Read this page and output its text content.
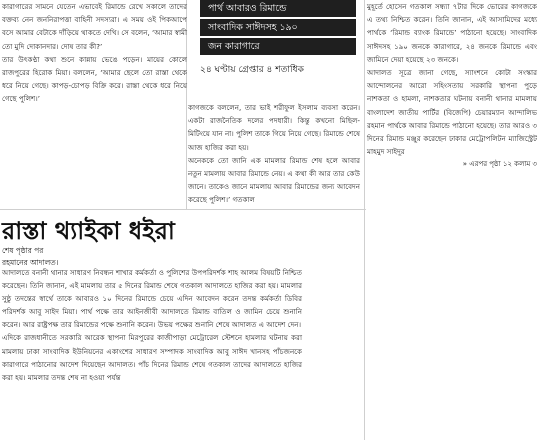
কারাগারের সামনে যেতেন এভাবেই রিমান্ডে রেখে সকালে তাদের বক্তব্য নেন জননিরাপত্তা বাহিনী সদস্যরা। এ সময় ওই পিকআপে বসে আমার বেটাকে দাঁড়িয়ে থাকতে দেখি। সে বলেন, ‘আমার স্বামী তো মুদি দোকানদার। দোষ তার কী?’

তার উৎকণ্ঠা কথা শুনে কান্নায় ভেঙে পড়েন। মায়ের কোলে রাজপুরের হিরোক মিয়া। বললেন, ‘আমার ছেলে তো রাস্তা থেকে ধরে নিয়ে গেছে। কাপড়-চোপড় বিক্রি করে। রাস্তা থেকে ধরে নিয়ে গেছে পুলিশ।’

পার্থ আবারও রিমান্ডে
সাংবাদিক সাঈদসহ ১৯০
জন কারাগারে

২৪ ঘণ্টায় গ্রেপ্তার ৪ শতাধিক

কাগজকে বললেন, তার ভাই শরীফুল ইসলাম ব্যবসা করেন। একটা রাজনৈতিক দলের পদধারী। কিন্তু কখনো মিছিল-মিটিংয়ে যান না। পুলিশ তাকে গিয়ে নিয়ে গেছে। রিমান্ডে শেষে আজ হাজির করা হয়।

অনেককে তো জানি এক মামলার রিমান্ড শেষ হলে আবার নতুন মামলায় আবার রিমান্ডে নেয়। এ কথা কী আর তার কেউ জানে। তাকেও জানে মামলায় আবার রিমান্ডের জন্য আবেদন করেছে পুলিশ।’ গতকাল

মুহূর্তে হোসেন গতকাল সন্ধ্যা ৭টার দিকে ভোরের কাগজকে এ তথ্য নিশ্চিত করেন। তিনি জানান, এই আসামিদের মধ্যে পার্থকে ‘রিমান্ড ব্যাংক রিমান্ডে’ পাঠানো হয়েছে। সাংবাদিক সাঈদসহ ১৯০ জনকে কারাগারে, ২৪ জনকে রিমান্ডে এবং জামিনে দেয়া হয়েছে ২৩ জনকে।

আদালত সূত্রে জানা গেছে, স্যাংশনে কোটা সংস্কার আন্দোলনের আরো সহিংসতায় সরকারি স্থাপনা পুড়ে নাশকতা ও হামলা, নাশকতার ঘটনায় বনানী থানার মামলায় বাংলাদেশ জাতীয় পার্টির (বিজেপি) চেয়ারম্যান আন্দালিভ রহমান পার্থকে আবার রিমান্ডে পাঠানো হয়েছে। তার আরও ৩ দিনের রিমান্ড মঞ্জুর করেছেন ঢাকার মেট্রোপলিটন ম্যাজিস্ট্রেট মাহমুদ সাইদুর

» এরপর পৃষ্ঠা ১২ কলাম ৩

রাস্তা থ্যাইকা ধইরা
শেষ পৃষ্ঠার পর
রহমানের আদালত।

আদালতে বনানী থানার সাধারণ নিবন্ধন শাখার কর্মকর্তা ও পুলিশের উপপরিদর্শক শাহ আলম বিষয়টি নিশ্চিত করেছেন। তিনি জানান, এই মামলায় তার ৫ দিনের রিমান্ড শেষে গতকাল আদালতে হাজির করা হয়। মামলার সুষ্ঠু তদন্তের স্বার্থে তাকে আবারও ১০ দিনের রিমান্ডে চেয়ে এদিন আবেদন করেন তদন্ত কর্মকর্তা ডিবির পরিদর্শক আবু সাইদ মিয়া। পার্থ পক্ষে তার আইনজীবী আদালতে রিমান্ড বাতিল ও জামিন চেয়ে শুনানি করেন। আর রাষ্ট্রপক্ষ তার রিমান্ডের পক্ষে শুনানি করেন। উভয় পক্ষের শুনানি শেষে আদালত এ আদেশ দেন।

এদিকে রাজধানীতে সরকারি আরেক স্থাপনা মিরপুরের কাজীপাড়া মেট্রোরেল স্টেশনে হামলার ঘটনায় করা মামলায় ঢাকা সাংবাদিক ইউনিয়নের একাংশের সাধারণ সম্পাদক সাংবাদিক আবু সাঈদ খানসহ পাঁচজনকে কারাগারে পাঠানোর আদেশ দিয়েছেন আদালত। পাঁচ দিনের রিমান্ড শেষে গতকাল তাদের আদালতে হাজির করা হয়। মামলার তদন্ত শেষ না হওয়া পর্যন্ত
